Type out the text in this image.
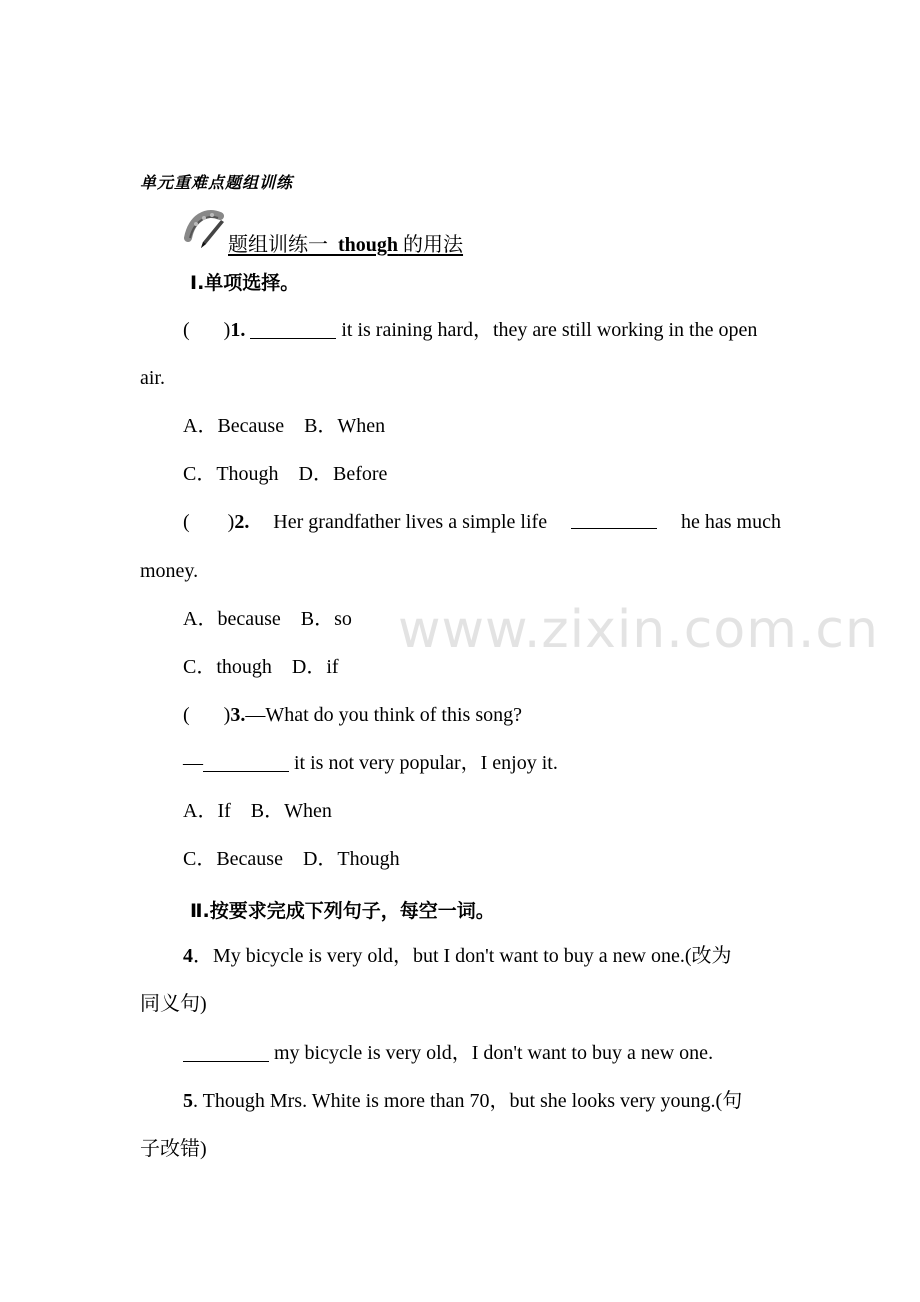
单元重难点题组训练
题组训练一 though 的用法
Ⅰ.单项选择。
( )1.	it is raining hard，they are still working in the open
air.
A．Because　B．When
C．Though　D．Before
( )2. Her grandfather lives a simple life	he has much
money.
A．because　B．so
C．though　D．if
( )3.—What do you think of this song?
—	it is not very popular，I enjoy it.
A．If　B．When
C．Because　D．Though
Ⅱ.按要求完成下列句子，每空一词。
4．My bicycle is very old，but I don't want to buy a new one.(改为
同义句)
my bicycle is very old，I don't want to buy a new one.
5. Though Mrs. White is more than 70，but she looks very young.(句
子改错)
www.zixin.com.cn
